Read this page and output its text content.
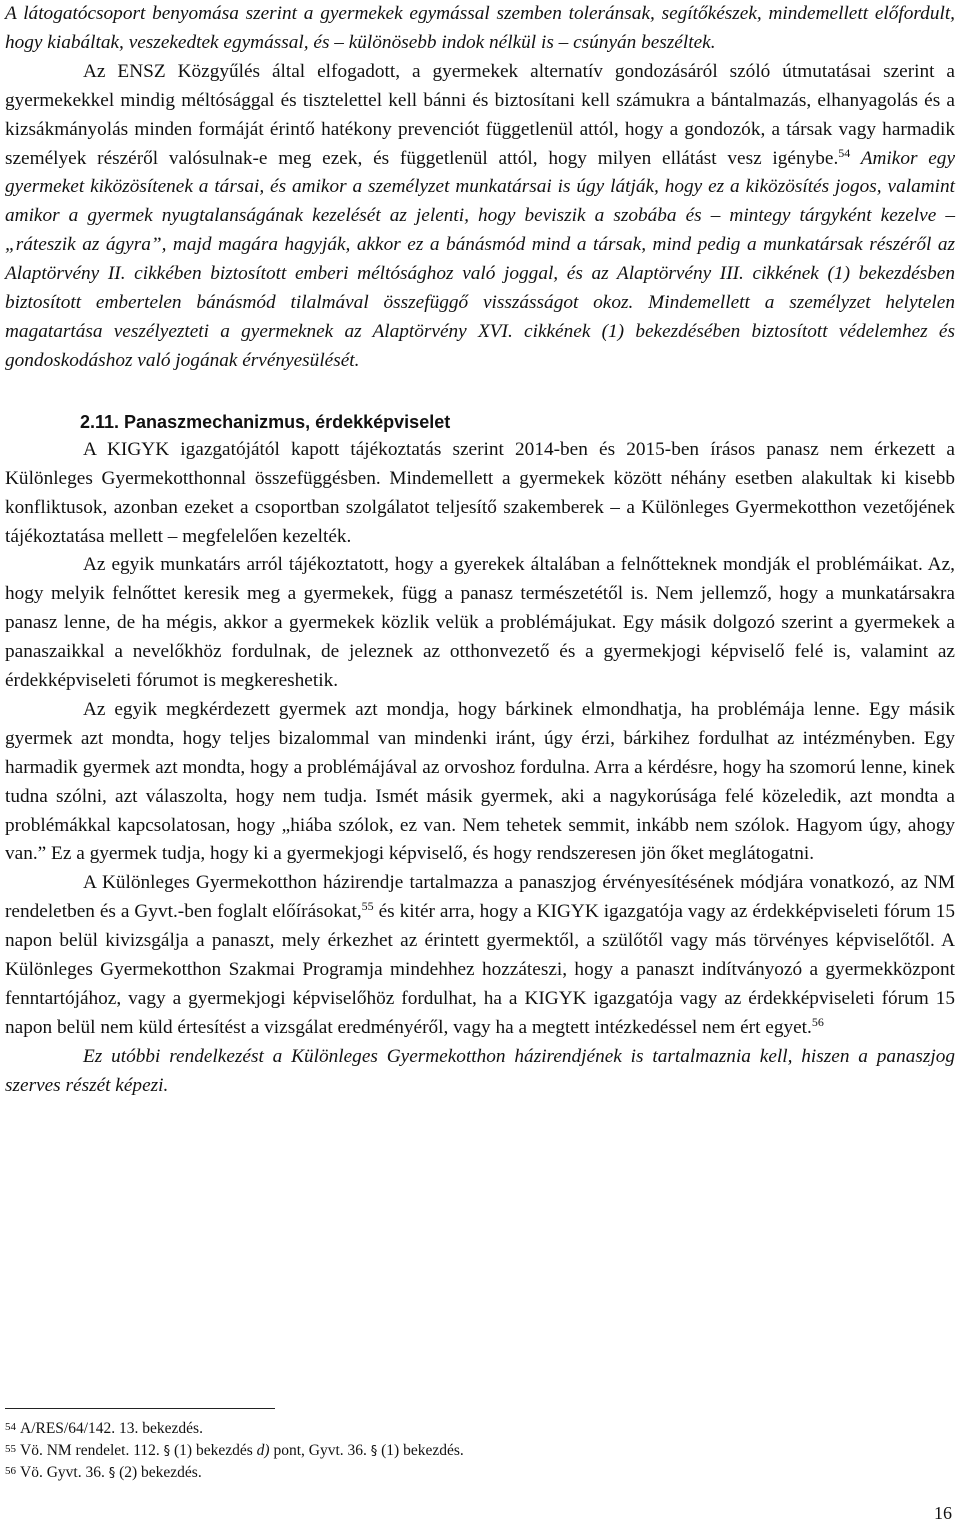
A látogatócsoport benyomása szerint a gyermekek egymással szemben toleránsak, segítőkészek, mindemellett előfordult, hogy kiabáltak, veszekedtek egymással, és – különösebb indok nélkül is – csúnyán beszéltek.

Az ENSZ Közgyűlés által elfogadott, a gyermekek alternatív gondozásáról szóló útmutatásai szerint a gyermekekkel mindig méltósággal és tisztelettel kell bánni és biztosítani kell számukra a bántalmazás, elhanyagolás és a kizsákmányolás minden formáját érintő hatékony prevenciót függetlenül attól, hogy a gondozók, a társak vagy harmadik személyek részéről valósulnak-e meg ezek, és függetlenül attól, hogy milyen ellátást vesz igénybe.$^{54}$ Amikor egy gyermeket kiközösítenek a társai, és amikor a személyzet munkatársai is úgy látják, hogy ez a kiközösítés jogos, valamint amikor a gyermek nyugtalanságának kezelését az jelenti, hogy beviszik a szobába és – mintegy tárgyként kezelve – „ráteszik az ágyra”, majd magára hagyják, akkor ez a bánásmód mind a társak, mind pedig a munkatársak részéről az Alaptörvény II. cikkében biztosított emberi méltósághoz való joggal, és az Alaptörvény III. cikkének (1) bekezdésben biztosított embertelen bánásmód tilalmával összefüggő visszásságot okoz. Mindemellett a személyzet helytelen magatartása veszélyezteti a gyermeknek az Alaptörvény XVI. cikkének (1) bekezdésében biztosított védelemhez és gondoskodáshoz való jogának érvényesülését.

2.11. Panaszmechanizmus, érdekképviselet

A KIGYK igazgatójától kapott tájékoztatás szerint 2014-ben és 2015-ben írásos panasz nem érkezett a Különleges Gyermekotthonnal összefüggésben. Mindemellett a gyermekek között néhány esetben alakultak ki kisebb konfliktusok, azonban ezeket a csoportban szolgálatot teljesítő szakemberek – a Különleges Gyermekotthon vezetőjének tájékoztatása mellett – megfelelően kezelték.

Az egyik munkatárs arról tájékoztatott, hogy a gyerekek általában a felnőtteknek mondják el problémáikat. Az, hogy melyik felnőttet keresik meg a gyermekek, függ a panasz természetétől is. Nem jellemző, hogy a munkatársakra panasz lenne, de ha mégis, akkor a gyermekek közlik velük a problémájukat. Egy másik dolgozó szerint a gyermekek a panaszaikkal a nevelőkhöz fordulnak, de jeleznek az otthonvezető és a gyermekjogi képviselő felé is, valamint az érdekképviseleti fórumot is megkereshetik.

Az egyik megkérdezett gyermek azt mondja, hogy bárkinek elmondhatja, ha problémája lenne. Egy másik gyermek azt mondta, hogy teljes bizalommal van mindenki iránt, úgy érzi, bárkihez fordulhat az intézményben. Egy harmadik gyermek azt mondta, hogy a problémájával az orvoshoz fordulna. Arra a kérdésre, hogy ha szomorú lenne, kinek tudna szólni, azt válaszolta, hogy nem tudja. Ismét másik gyermek, aki a nagykorúsága felé közeledik, azt mondta a problémákkal kapcsolatosan, hogy „hiába szólok, ez van. Nem tehetek semmit, inkább nem szólok. Hagyom úgy, ahogy van.” Ez a gyermek tudja, hogy ki a gyermekjogi képviselő, és hogy rendszeresen jön őket meglátogatni.

A Különleges Gyermekotthon házirendje tartalmazza a panaszjog érvényesítésének módjára vonatkozó, az NM rendeletben és a Gyvt.-ben foglalt előírásokat,$^{55}$ és kitér arra, hogy a KIGYK igazgatója vagy az érdekképviseleti fórum 15 napon belül kivizsgálja a panaszt, mely érkezhet az érintett gyermektől, a szülőtől vagy más törvényes képviselőtől. A Különleges Gyermekotthon Szakmai Programja mindehhez hozzáteszi, hogy a panaszt indítványozó a gyermekközpont fenntartójához, vagy a gyermekjogi képviselőhöz fordulhat, ha a KIGYK igazgatója vagy az érdekképviseleti fórum 15 napon belül nem küld értesítést a vizsgálat eredményéről, vagy ha a megtett intézkedéssel nem ért egyet.$^{56}$

Ez utóbbi rendelkezést a Különleges Gyermekotthon házirendjének is tartalmaznia kell, hiszen a panaszjog szerves részét képezi.

$^{54}$ A/RES/64/142. 13. bekezdés.
$^{55}$ Vö. NM rendelet. 112. § (1) bekezdés d) pont, Gyvt. 36. § (1) bekezdés.
$^{56}$ Vö. Gyvt. 36. § (2) bekezdés.
16
